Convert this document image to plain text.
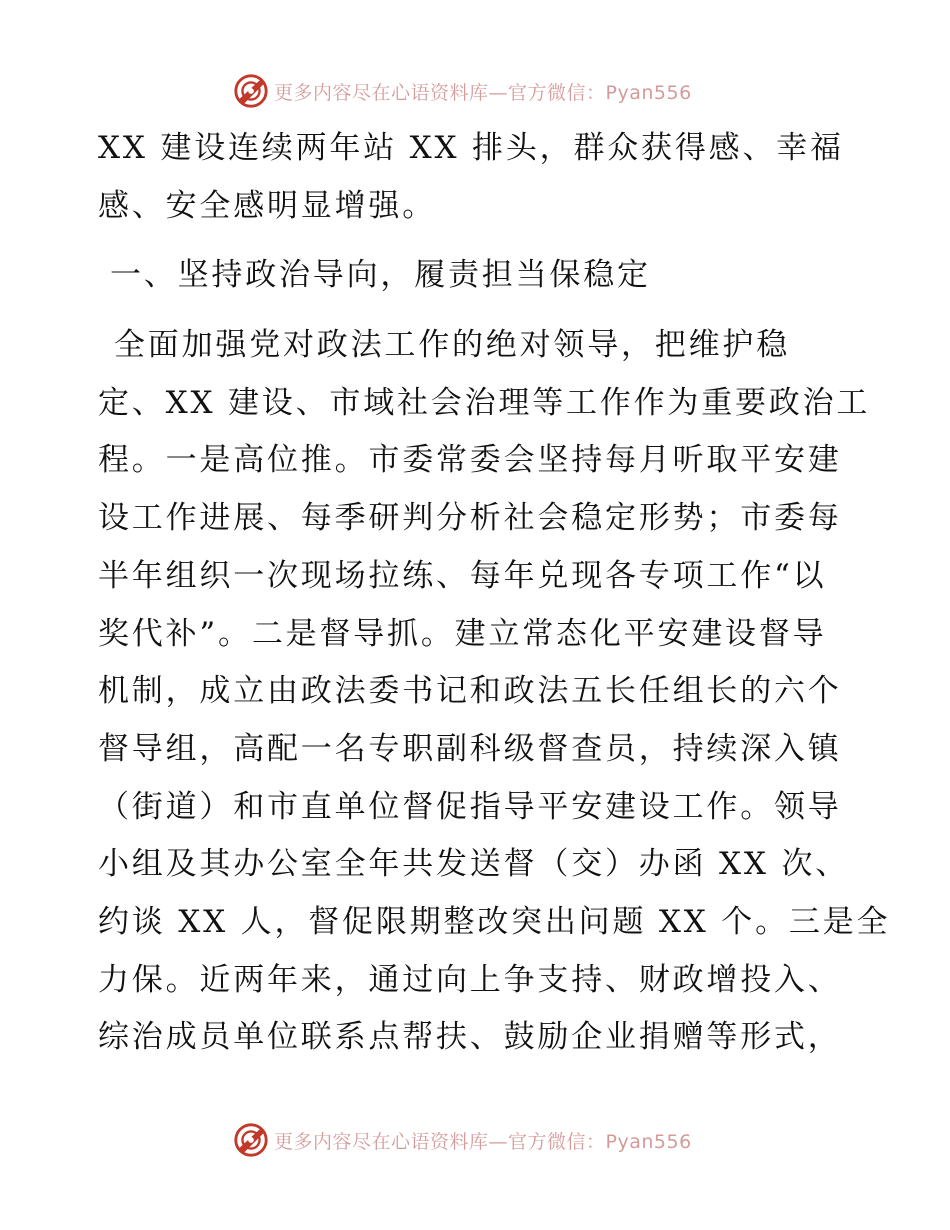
更多内容尽在心语资料库—官方微信：Pyan556
XX 建设连续两年站 XX 排头，群众获得感、幸福
感、安全感明显增强。
一、坚持政治导向，履责担当保稳定
全面加强党对政法工作的绝对领导，把维护稳
定、XX 建设、市域社会治理等工作作为重要政治工
程。一是高位推。市委常委会坚持每月听取平安建
设工作进展、每季研判分析社会稳定形势；市委每
半年组织一次现场拉练、每年兑现各专项工作“以
奖代补”。二是督导抓。建立常态化平安建设督导
机制，成立由政法委书记和政法五长任组长的六个
督导组，高配一名专职副科级督查员，持续深入镇
（街道）和市直单位督促指导平安建设工作。领导
小组及其办公室全年共发送督（交）办函 XX 次、
约谈 XX 人，督促限期整改突出问题 XX 个。三是全
力保。近两年来，通过向上争支持、财政增投入、
综治成员单位联系点帮扶、鼓励企业捐赠等形式，
更多内容尽在心语资料库—官方微信：Pyan556
